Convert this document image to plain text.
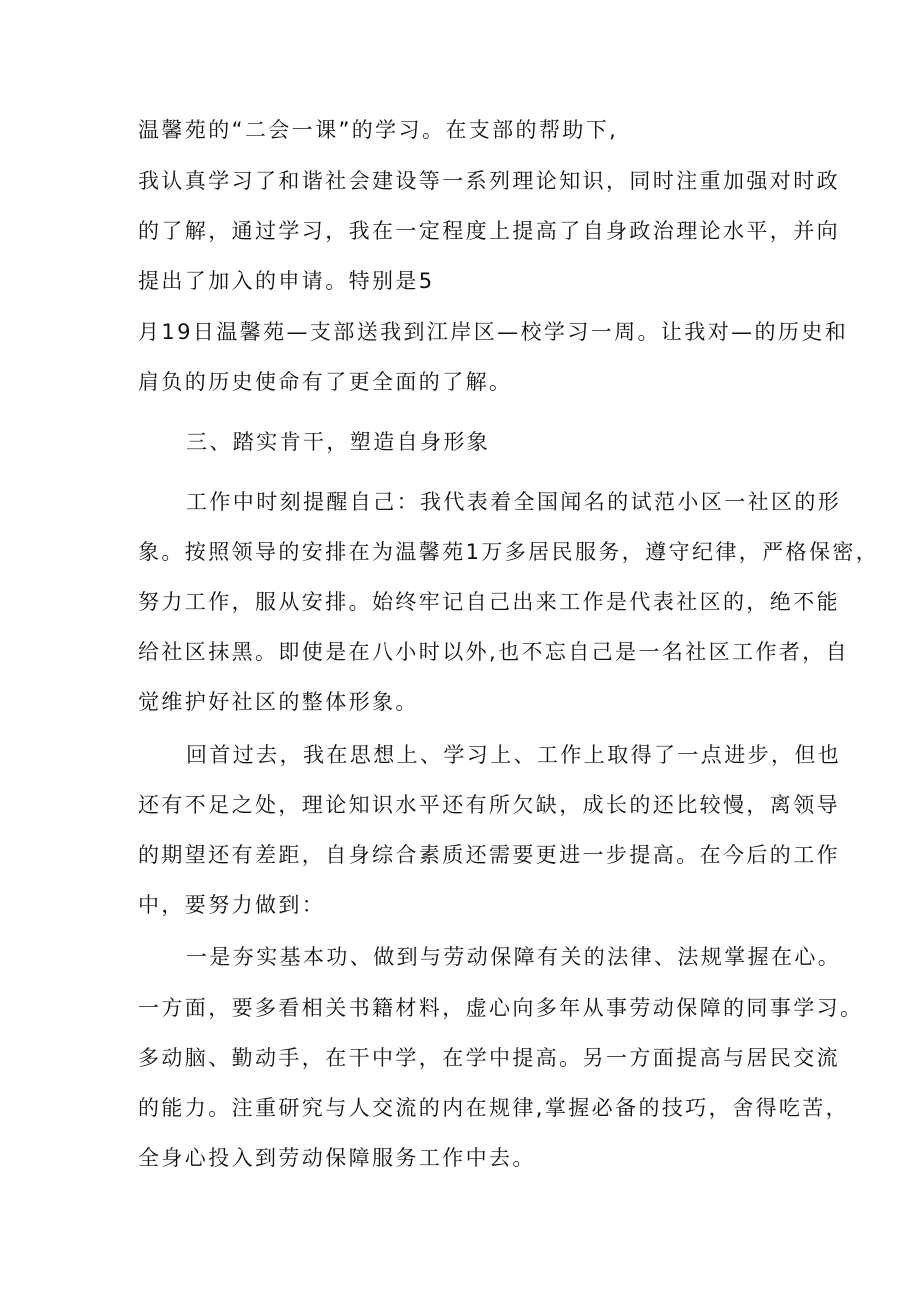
温馨苑的“二会一课”的学习。在支部的帮助下,
我认真学习了和谐社会建设等一系列理论知识，同时注重加强对时政
的了解，通过学习，我在一定程度上提高了自身政治理论水平，并向
提出了加入的申请。特别是5
月19日温馨苑—支部送我到江岸区—校学习一周。让我对—的历史和
肩负的历史使命有了更全面的了解。
三、踏实肯干，塑造自身形象
工作中时刻提醒自己：我代表着全国闻名的试范小区一社区的形
象。按照领导的安排在为温馨苑1万多居民服务，遵守纪律，严格保密，
努力工作，服从安排。始终牢记自己出来工作是代表社区的，绝不能
给社区抹黑。即使是在八小时以外,也不忘自己是一名社区工作者，自
觉维护好社区的整体形象。
回首过去，我在思想上、学习上、工作上取得了一点进步，但也
还有不足之处，理论知识水平还有所欠缺，成长的还比较慢，离领导
的期望还有差距，自身综合素质还需要更进一步提高。在今后的工作
中，要努力做到：
一是夯实基本功、做到与劳动保障有关的法律、法规掌握在心。
一方面，要多看相关书籍材料，虚心向多年从事劳动保障的同事学习。
多动脑、勤动手，在干中学，在学中提高。另一方面提高与居民交流
的能力。注重研究与人交流的内在规律,掌握必备的技巧，舍得吃苦，
全身心投入到劳动保障服务工作中去。
